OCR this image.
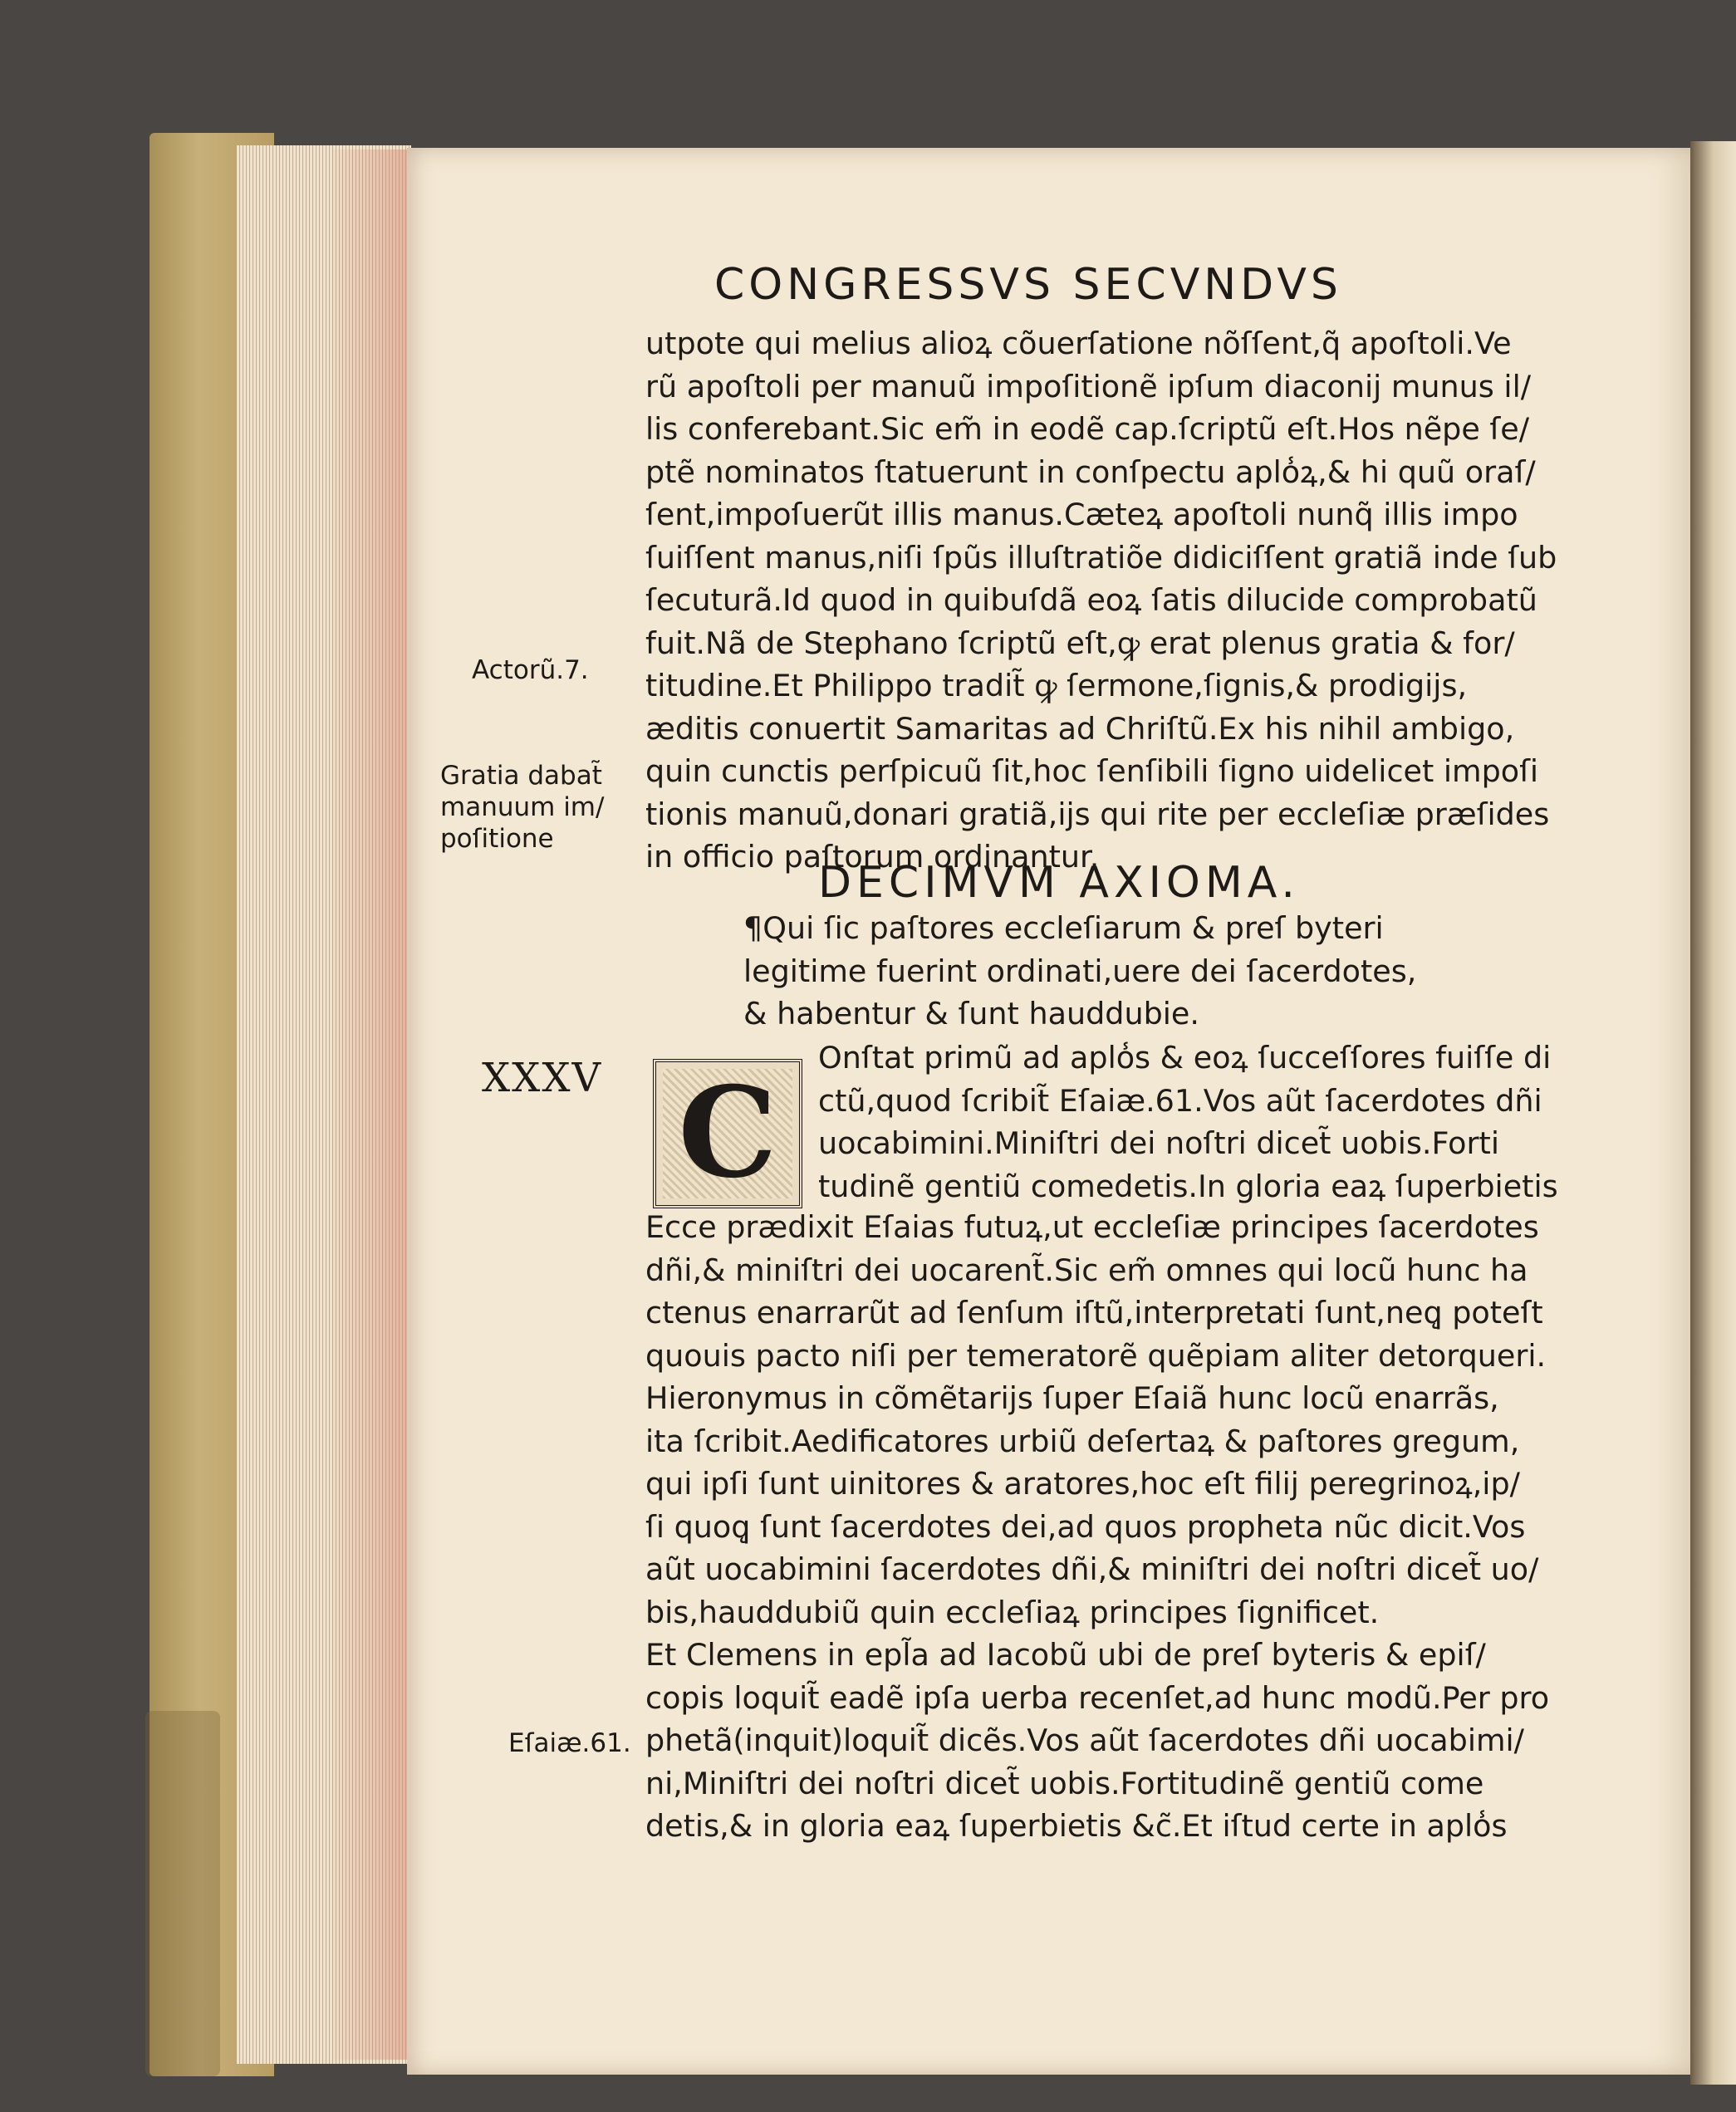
CONGRESSVS SECVNDVS
utpote qui melius alioꝝ cõuerſatione nõſſent,q̃ apoſtoli.Ve
rũ apoſtoli per manuũ impoſitionẽ ipſum diaconĳ munus il/
lis conferebant.Sic em̃ in eodẽ cap.ſcriptũ eſt.Hos nẽpe ſe/
ptẽ nominatos ſtatuerunt in conſpectu aplo̾ꝝ,& hi quũ oraſ/
ſent,impoſuerũt illis manus.Cæteꝝ apoſtoli nunq̃ illis impo
ſuiſſent manus,niſi ſpũs illuſtratiõe didiciſſent gratiã inde ſub
ſecuturã.Id quod in quibuſdã eoꝝ ſatis dilucide comprobatũ
fuit.Nã de Stephano ſcriptũ eſt,ꝙ erat plenus gratia & for/
titudine.Et Philippo tradit̃ ꝙ ſermone,ſignis,& prodigĳs,
æditis conuertit Samaritas ad Chriſtũ.Ex his nihil ambigo,
quin cunctis perſpicuũ ſit,hoc ſenſibili ſigno uidelicet impoſi
tionis manuũ,donari gratiã,ĳs qui rite per eccleſiæ præſides
in officio paſtorum ordinantur.
Actorũ.7.
Gratia dabat̃
manuum im/
poſitione
DECIMVM AXIOMA.
¶Qui ſic paſtores eccleſiarum & preſ byteri
legitime fuerint ordinati,uere dei ſacerdotes,
& habentur & ſunt hauddubie.
XXXV C
Onſtat primũ ad aplo̾s & eoꝝ ſucceſſores fuiſſe di
ctũ,quod ſcribit̃ Eſaiæ.61.Vos aũt ſacerdotes dñi
uocabimini.Miniſtri dei noſtri dicet̃ uobis.Forti
tudinẽ gentiũ comedetis.In gloria eaꝝ ſuperbietis
Ecce prædixit Eſaias futuꝝ,ut eccleſiæ principes ſacerdotes
dñi,& miniſtri dei uocarent̃.Sic em̃ omnes qui locũ hunc ha
ctenus enarrarũt ad ſenſum iſtũ,interpretati ſunt,neq̨ poteſt
quouis pacto niſi per temeratorẽ quẽpiam aliter detorqueri.
Hieronymus in cõmẽtarĳs ſuper Eſaiã hunc locũ enarrãs,
ita ſcribit.Aedificatores urbiũ deſertaꝝ & paſtores gregum,
qui ipſi ſunt uinitores & aratores,hoc eſt filĳ peregrinoꝝ,ip/
ſi quoq̨ ſunt ſacerdotes dei,ad quos propheta nũc dicit.Vos
aũt uocabimini ſacerdotes dñi,& miniſtri dei noſtri dicet̃ uo/
bis,hauddubiũ quin eccleſiaꝝ principes ſignificet.
Et Clemens in epl̃a ad Iacobũ ubi de preſ byteris & epiſ/
copis loquit̃ eadẽ ipſa uerba recenſet,ad hunc modũ.Per pro
phetã(inquit)loquit̃ dicẽs.Vos aũt ſacerdotes dñi uocabimi/
ni,Miniſtri dei noſtri dicet̃ uobis.Fortitudinẽ gentiũ come
detis,& in gloria eaꝝ ſuperbietis &c̃.Et iſtud certe in aplo̾s
Eſaiæ.61.
